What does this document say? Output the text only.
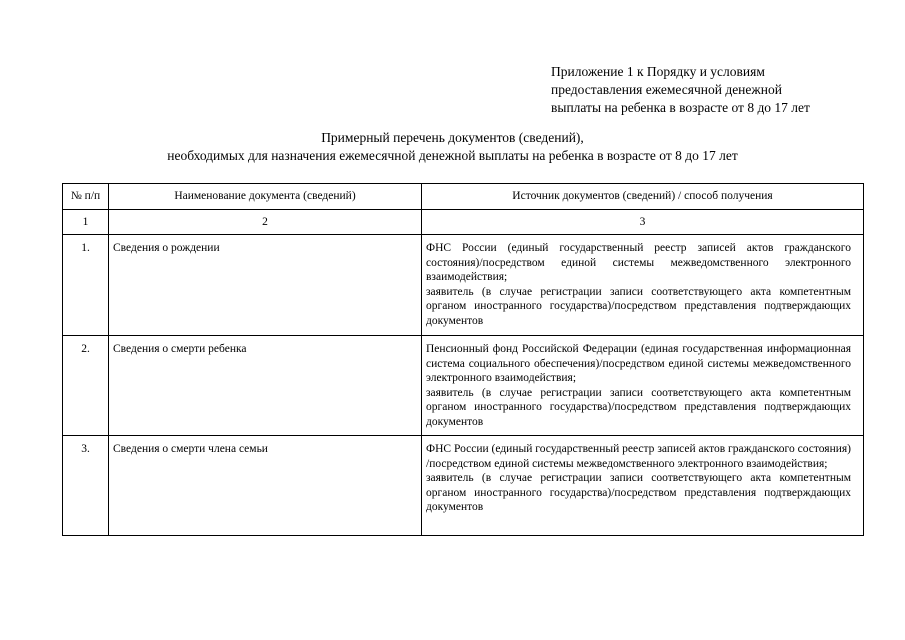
Приложение 1 к Порядку и условиям
предоставления ежемесячной денежной
выплаты на ребенка в возрасте от 8 до 17 лет
Примерный перечень документов (сведений),
необходимых для назначения ежемесячной денежной выплаты на ребенка в возрасте от 8 до 17 лет
№ п/п	Наименование документа (сведений)	Источник документов (сведений) / способ получения
1	2	3
1.	Сведения о рождении	ФНС России (единый государственный реестр записей актов гражданского состояния)/посредством единой системы межведомственного электронного взаимодействия;
заявитель (в случае регистрации записи соответствующего акта компетентным органом иностранного государства)/посредством представления подтверждающих документов

2.	Сведения о смерти ребенка	Пенсионный фонд Российской Федерации (единая государственная информационная система социального обеспечения)/посредством единой системы межведомственного электронного взаимодействия;
заявитель (в случае регистрации записи соответствующего акта компетентным органом иностранного государства)/посредством представления подтверждающих документов

3.	Сведения о смерти члена семьи	ФНС России (единый государственный реестр записей актов гражданского состояния) /посредством единой системы межведомственного электронного взаимодействия;
заявитель (в случае регистрации записи соответствующего акта компетентным органом иностранного государства)/посредством представления подтверждающих документов
